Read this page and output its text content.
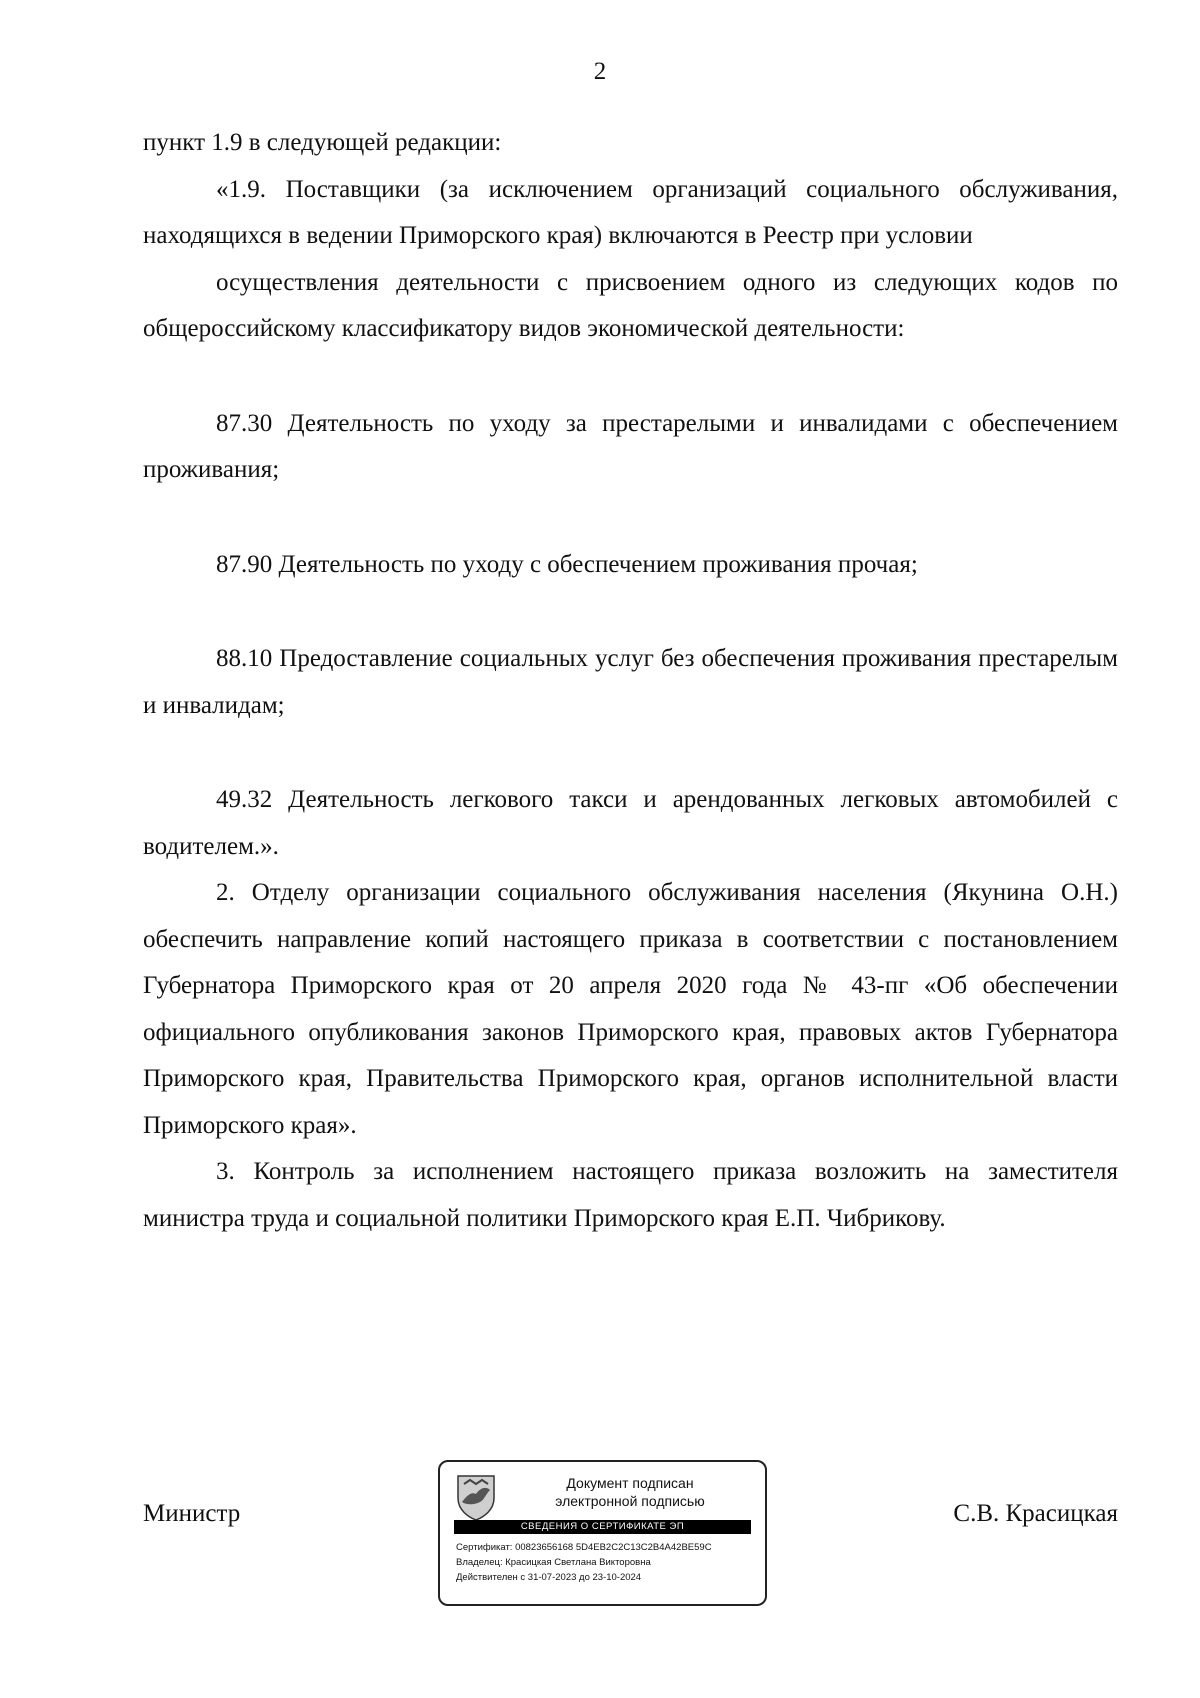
2

пункт 1.9 в следующей редакции:

«1.9. Поставщики (за исключением организаций социального обслуживания, находящихся в ведении Приморского края) включаются в Реестр при условии

осуществления деятельности с присвоением одного из следующих кодов по общероссийскому классификатору видов экономической деятельности:

87.30 Деятельность по уходу за престарелыми и инвалидами с обеспечением проживания;

87.90 Деятельность по уходу с обеспечением проживания прочая;

88.10 Предоставление социальных услуг без обеспечения проживания престарелым и инвалидам;

49.32 Деятельность легкового такси и арендованных легковых автомобилей с водителем.».

2. Отделу организации социального обслуживания населения (Якунина О.Н.) обеспечить направление копий настоящего приказа в соответствии с постановлением Губернатора Приморского края от 20 апреля 2020 года № 43-пг «Об обеспечении официального опубликования законов Приморского края, правовых актов Губернатора Приморского края, Правительства Приморского края, органов исполнительной власти Приморского края».

3. Контроль за исполнением настоящего приказа возложить на заместителя министра труда и социальной политики Приморского края Е.П. Чибрикову.

Министр
Документ подписан
электронной подписью
СВЕДЕНИЯ О СЕРТИФИКАТЕ ЭП
Сертификат: 00823656168 5D4EB2C2C13C2B4A42BE59C
Владелец: Красицкая Светлана Викторовна
Действителен с 31-07-2023 до 23-10-2024
С.В. Красицкая
